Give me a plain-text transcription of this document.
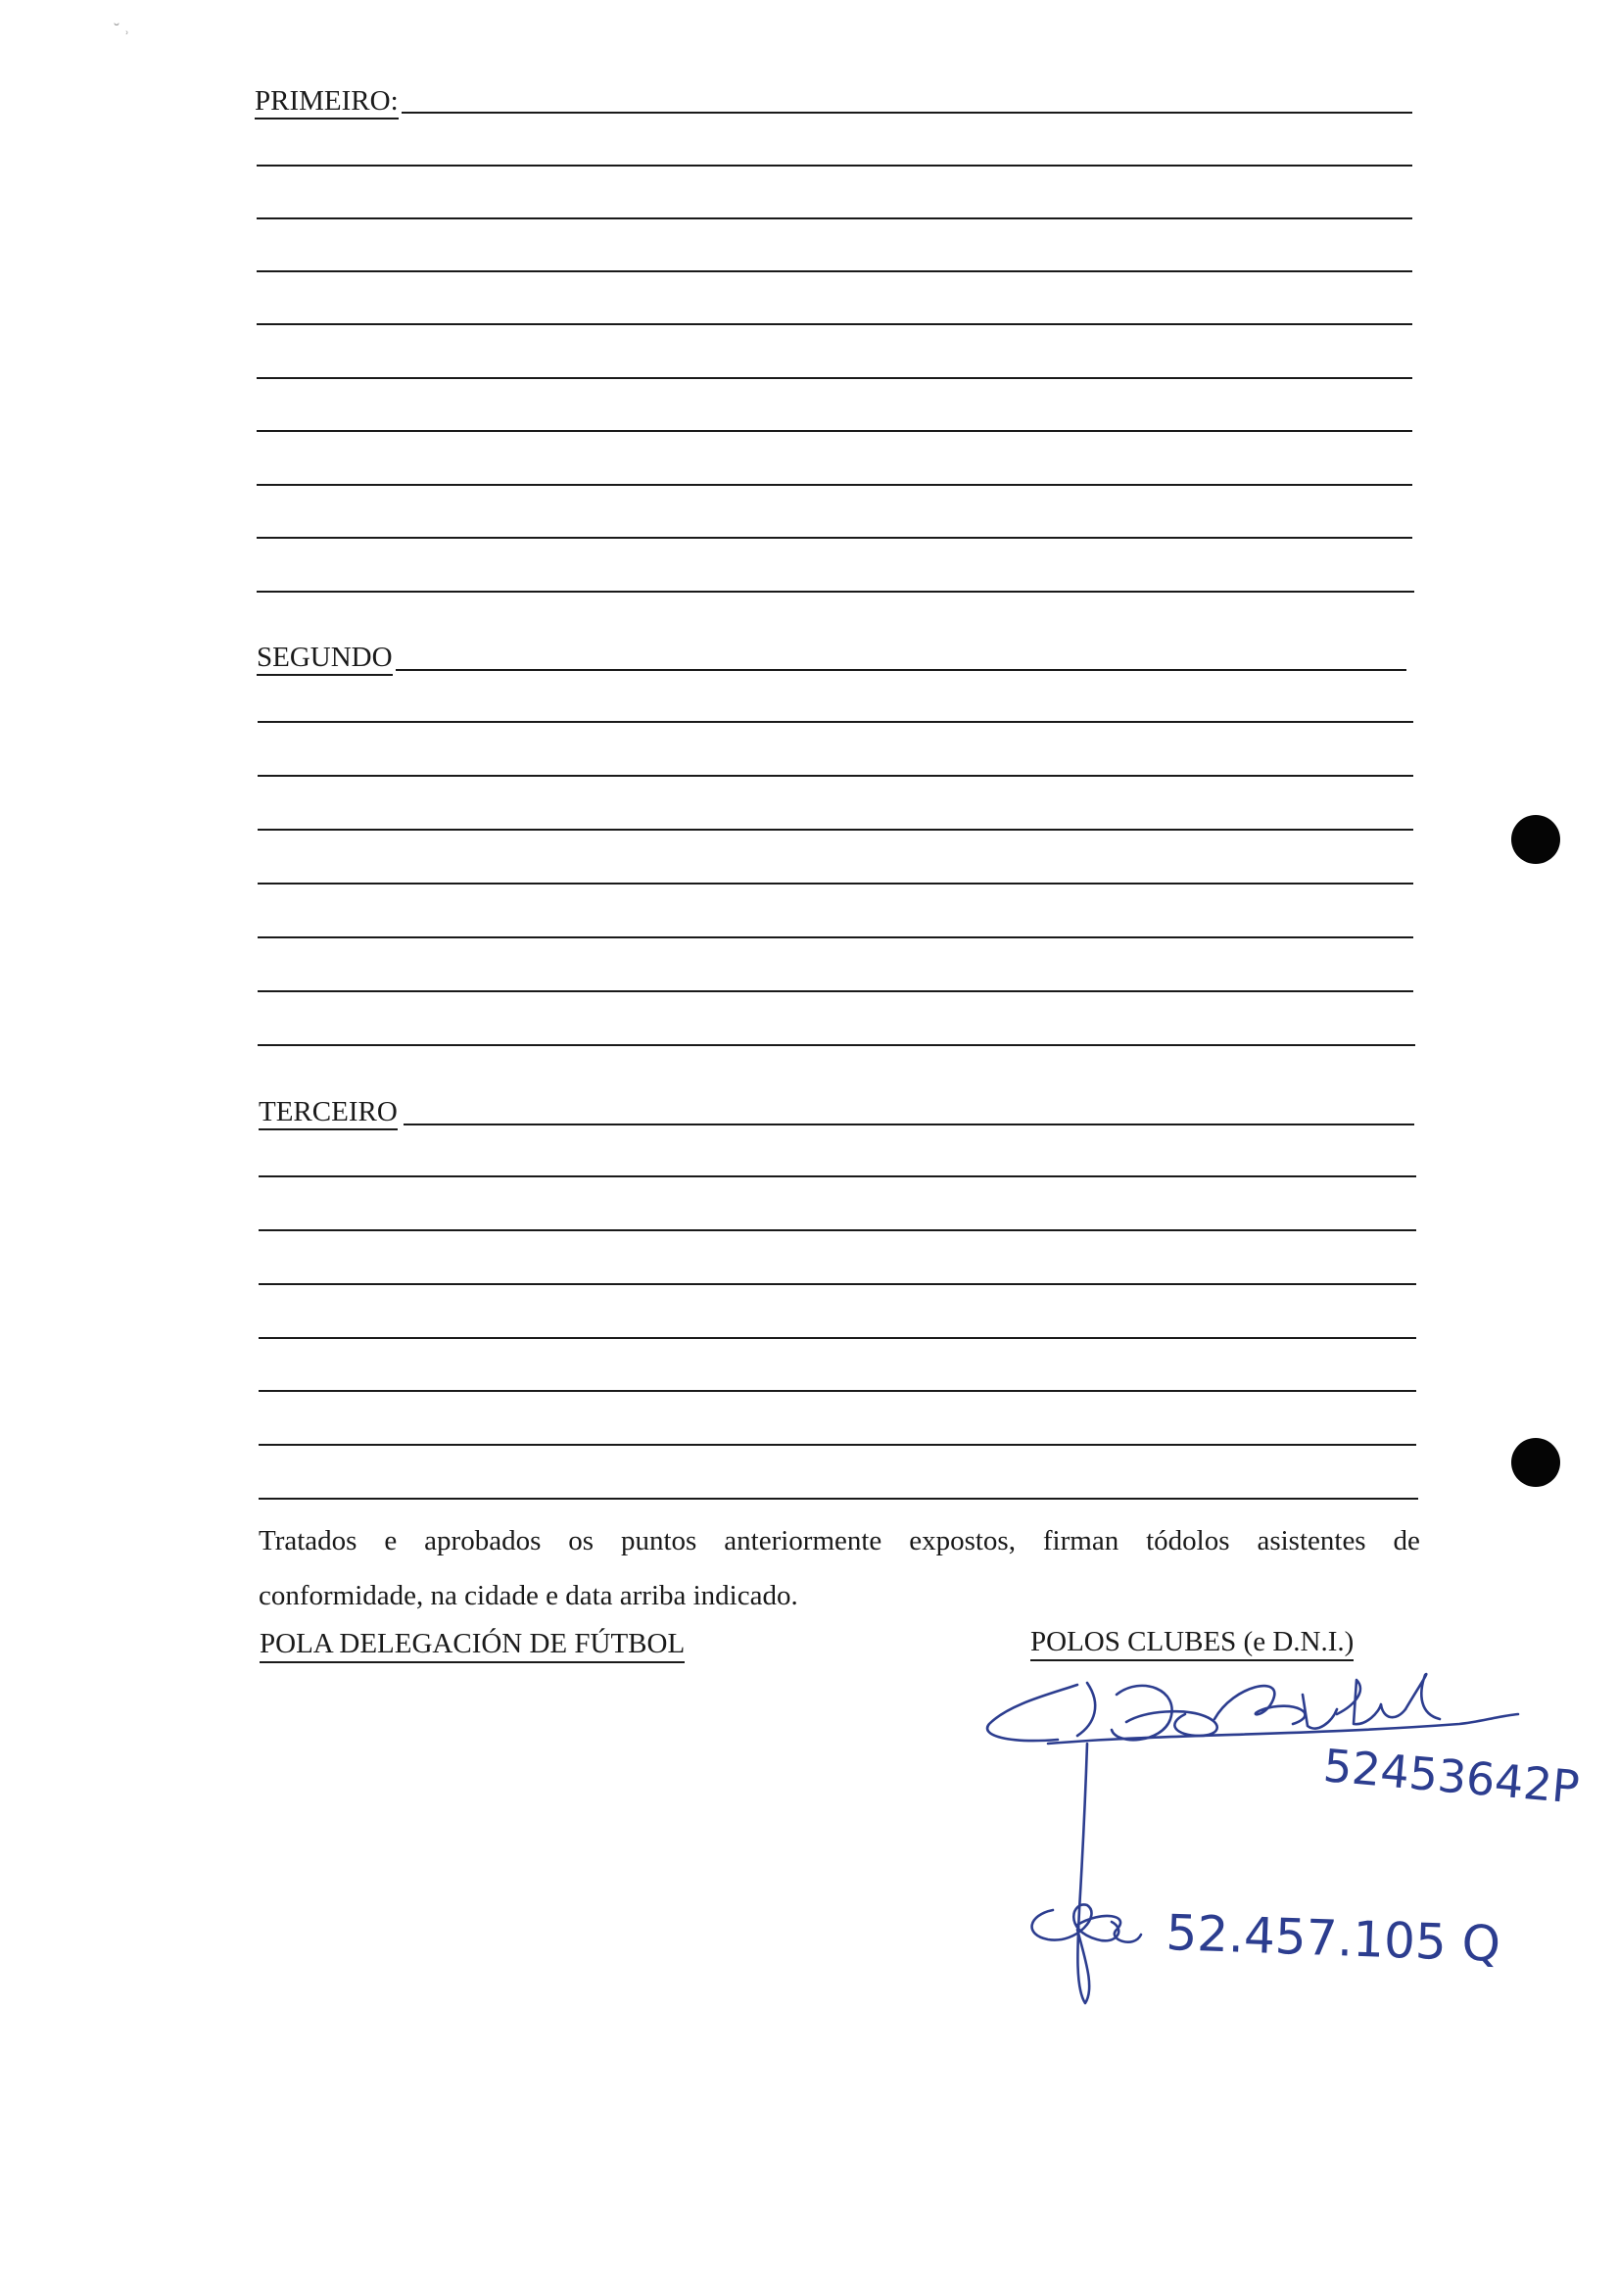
˘ ˒
PRIMEIRO:
SEGUNDO
TERCEIRO
Tratados e aprobados os puntos anteriormente expostos, firman tódolos asistentes de
conformidade, na cidade e data arriba indicado.
POLA DELEGACIÓN DE FÚTBOL	POLOS CLUBES (e D.N.I.)
52453642P
52.457.105 Q
